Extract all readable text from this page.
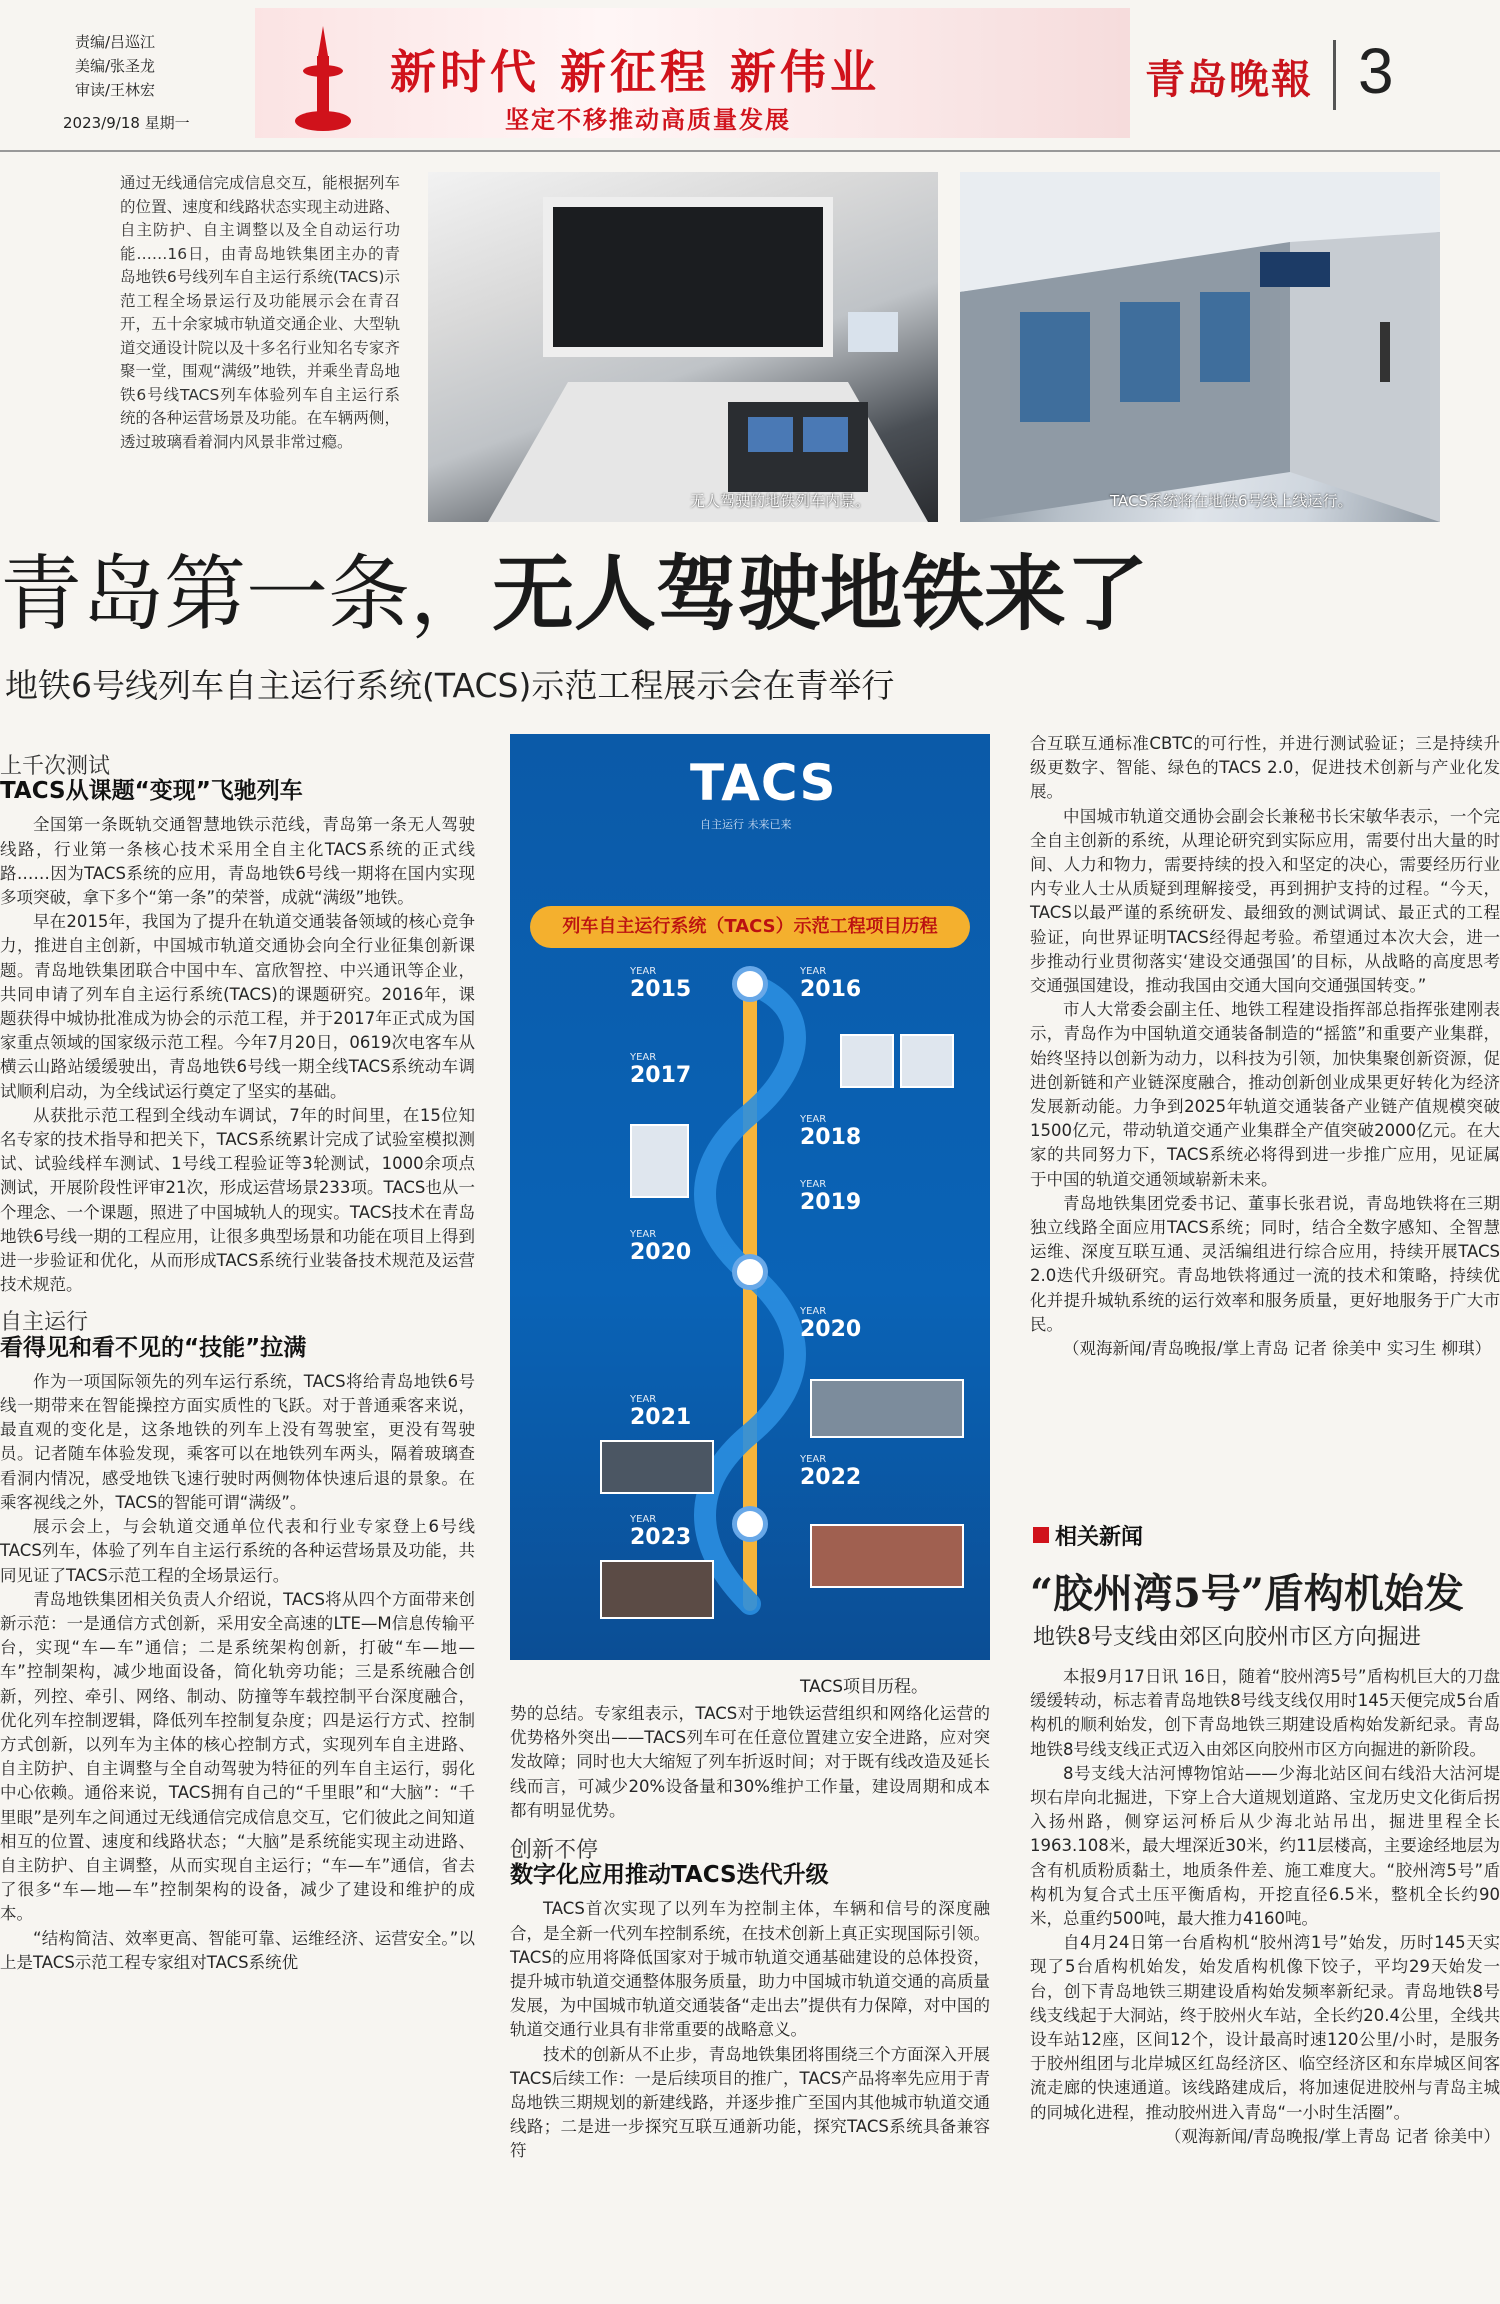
责编/吕巡江
美编/张圣龙
审读/王林宏
2023/9/18 星期一
新时代 新征程 新伟业
坚定不移推动高质量发展
青岛晚報 3
通过无线通信完成信息交互，能根据列车的位置、速度和线路状态实现主动进路、自主防护、自主调整以及全自动运行功能……16日，由青岛地铁集团主办的青岛地铁6号线列车自主运行系统(TACS)示范工程全场景运行及功能展示会在青召开，五十余家城市轨道交通企业、大型轨道交通设计院以及十多名行业知名专家齐聚一堂，围观“满级”地铁，并乘坐青岛地铁6号线TACS列车体验列车自主运行系统的各种运营场景及功能。在车辆两侧，透过玻璃看着洞内风景非常过瘾。
无人驾驶的地铁列车内景。	TACS系统将在地铁6号线上线运行。
青岛第一条，无人驾驶地铁来了
地铁6号线列车自主运行系统(TACS)示范工程展示会在青举行
上千次测试
TACS从课题“变现”飞驰列车

全国第一条既轨交通智慧地铁示范线，青岛第一条无人驾驶线路，行业第一条核心技术采用全自主化TACS系统的正式线路……因为TACS系统的应用，青岛地铁6号线一期将在国内实现多项突破，拿下多个“第一条”的荣誉，成就“满级”地铁。

早在2015年，我国为了提升在轨道交通装备领域的核心竞争力，推进自主创新，中国城市轨道交通协会向全行业征集创新课题。青岛地铁集团联合中国中车、富欣智控、中兴通讯等企业，共同申请了列车自主运行系统(TACS)的课题研究。2016年，课题获得中城协批准成为协会的示范工程，并于2017年正式成为国家重点领域的国家级示范工程。今年7月20日，0619次电客车从横云山路站缓缓驶出，青岛地铁6号线一期全线TACS系统动车调试顺利启动，为全线试运行奠定了坚实的基础。

从获批示范工程到全线动车调试，7年的时间里，在15位知名专家的技术指导和把关下，TACS系统累计完成了试验室模拟测试、试验线样车测试、1号线工程验证等3轮测试，1000余项点测试，开展阶段性评审21次，形成运营场景233项。TACS也从一个理念、一个课题，照进了中国城轨人的现实。TACS技术在青岛地铁6号线一期的工程应用，让很多典型场景和功能在项目上得到进一步验证和优化，从而形成TACS系统行业装备技术规范及运营技术规范。

自主运行
看得见和看不见的“技能”拉满

作为一项国际领先的列车运行系统，TACS将给青岛地铁6号线一期带来在智能操控方面实质性的飞跃。对于普通乘客来说，最直观的变化是，这条地铁的列车上没有驾驶室，更没有驾驶员。记者随车体验发现，乘客可以在地铁列车两头，隔着玻璃查看洞内情况，感受地铁飞速行驶时两侧物体快速后退的景象。在乘客视线之外，TACS的智能可谓“满级”。

展示会上，与会轨道交通单位代表和行业专家登上6号线TACS列车，体验了列车自主运行系统的各种运营场景及功能，共同见证了TACS示范工程的全场景运行。

青岛地铁集团相关负责人介绍说，TACS将从四个方面带来创新示范：一是通信方式创新，采用安全高速的LTE—M信息传输平台，实现“车—车”通信；二是系统架构创新，打破“车—地—车”控制架构，减少地面设备，简化轨旁功能；三是系统融合创新，列控、牵引、网络、制动、防撞等车载控制平台深度融合，优化列车控制逻辑，降低列车控制复杂度；四是运行方式、控制方式创新，以列车为主体的核心控制方式，实现列车自主进路、自主防护、自主调整与全自动驾驶为特征的列车自主运行，弱化中心依赖。通俗来说，TACS拥有自己的“千里眼”和“大脑”：“千里眼”是列车之间通过无线通信完成信息交互，它们彼此之间知道相互的位置、速度和线路状态；“大脑”是系统能实现主动进路、自主防护、自主调整，从而实现自主运行；“车—车”通信，省去了很多“车—地—车”控制架构的设备，减少了建设和维护的成本。

“结构简洁、效率更高、智能可靠、运维经济、运营安全。”以上是TACS示范工程专家组对TACS系统优

TACS
自主运行 未来已来
列车自主运行系统（TACS）示范工程项目历程
YEAR
2015
YEAR
2016
YEAR
2017
YEAR
2018
YEAR
2019
YEAR
2020
YEAR
2020
YEAR
2021
YEAR
2022
YEAR
2023
TACS项目历程。

势的总结。专家组表示，TACS对于地铁运营组织和网络化运营的优势格外突出——TACS列车可在任意位置建立安全进路，应对突发故障；同时也大大缩短了列车折返时间；对于既有线改造及延长线而言，可减少20%设备量和30%维护工作量，建设周期和成本都有明显优势。

创新不停
数字化应用推动TACS迭代升级

TACS首次实现了以列车为控制主体，车辆和信号的深度融合，是全新一代列车控制系统，在技术创新上真正实现国际引领。TACS的应用将降低国家对于城市轨道交通基础建设的总体投资，提升城市轨道交通整体服务质量，助力中国城市轨道交通的高质量发展，为中国城市轨道交通装备“走出去”提供有力保障，对中国的轨道交通行业具有非常重要的战略意义。

技术的创新从不止步，青岛地铁集团将围绕三个方面深入开展TACS后续工作：一是后续项目的推广，TACS产品将率先应用于青岛地铁三期规划的新建线路，并逐步推广至国内其他城市轨道交通线路；二是进一步探究互联互通新功能，探究TACS系统具备兼容符

合互联互通标准CBTC的可行性，并进行测试验证；三是持续升级更数字、智能、绿色的TACS 2.0，促进技术创新与产业化发展。

中国城市轨道交通协会副会长兼秘书长宋敏华表示，一个完全自主创新的系统，从理论研究到实际应用，需要付出大量的时间、人力和物力，需要持续的投入和坚定的决心，需要经历行业内专业人士从质疑到理解接受，再到拥护支持的过程。“今天，TACS以最严谨的系统研发、最细致的测试调试、最正式的工程验证，向世界证明TACS经得起考验。希望通过本次大会，进一步推动行业贯彻落实‘建设交通强国’的目标，从战略的高度思考交通强国建设，推动我国由交通大国向交通强国转变。”

市人大常委会副主任、地铁工程建设指挥部总指挥张建刚表示，青岛作为中国轨道交通装备制造的“摇篮”和重要产业集群，始终坚持以创新为动力，以科技为引领，加快集聚创新资源，促进创新链和产业链深度融合，推动创新创业成果更好转化为经济发展新动能。力争到2025年轨道交通装备产业链产值规模突破1500亿元，带动轨道交通产业集群全产值突破2000亿元。在大家的共同努力下，TACS系统必将得到进一步推广应用，见证属于中国的轨道交通领域崭新未来。

青岛地铁集团党委书记、董事长张君说，青岛地铁将在三期独立线路全面应用TACS系统；同时，结合全数字感知、全智慧运维、深度互联互通、灵活编组进行综合应用，持续开展TACS 2.0迭代升级研究。青岛地铁将通过一流的技术和策略，持续优化并提升城轨系统的运行效率和服务质量，更好地服务于广大市民。

（观海新闻/青岛晚报/掌上青岛 记者 徐美中 实习生 柳琪）

相关新闻
“胶州湾5号”盾构机始发
地铁8号支线由郊区向胶州市区方向掘进

本报9月17日讯 16日，随着“胶州湾5号”盾构机巨大的刀盘缓缓转动，标志着青岛地铁8号线支线仅用时145天便完成5台盾构机的顺利始发，创下青岛地铁三期建设盾构始发新纪录。青岛地铁8号线支线正式迈入由郊区向胶州市区方向掘进的新阶段。

8号支线大沽河博物馆站——少海北站区间右线沿大沽河堤坝右岸向北掘进，下穿上合大道规划道路、宝龙历史文化街后拐入扬州路，侧穿运河桥后从少海北站吊出，掘进里程全长1963.108米，最大埋深近30米，约11层楼高，主要途经地层为含有机质粉质黏土，地质条件差、施工难度大。“胶州湾5号”盾构机为复合式土压平衡盾构，开挖直径6.5米，整机全长约90米，总重约500吨，最大推力4160吨。

自4月24日第一台盾构机“胶州湾1号”始发，历时145天实现了5台盾构机始发，始发盾构机像下饺子，平均29天始发一台，创下青岛地铁三期建设盾构始发频率新纪录。青岛地铁8号线支线起于大洞站，终于胶州火车站，全长约20.4公里，全线共设车站12座，区间12个，设计最高时速120公里/小时，是服务于胶州组团与北岸城区红岛经济区、临空经济区和东岸城区间客流走廊的快速通道。该线路建成后，将加速促进胶州与青岛主城的同城化进程，推动胶州进入青岛“一小时生活圈”。

（观海新闻/青岛晚报/掌上青岛 记者 徐美中）
